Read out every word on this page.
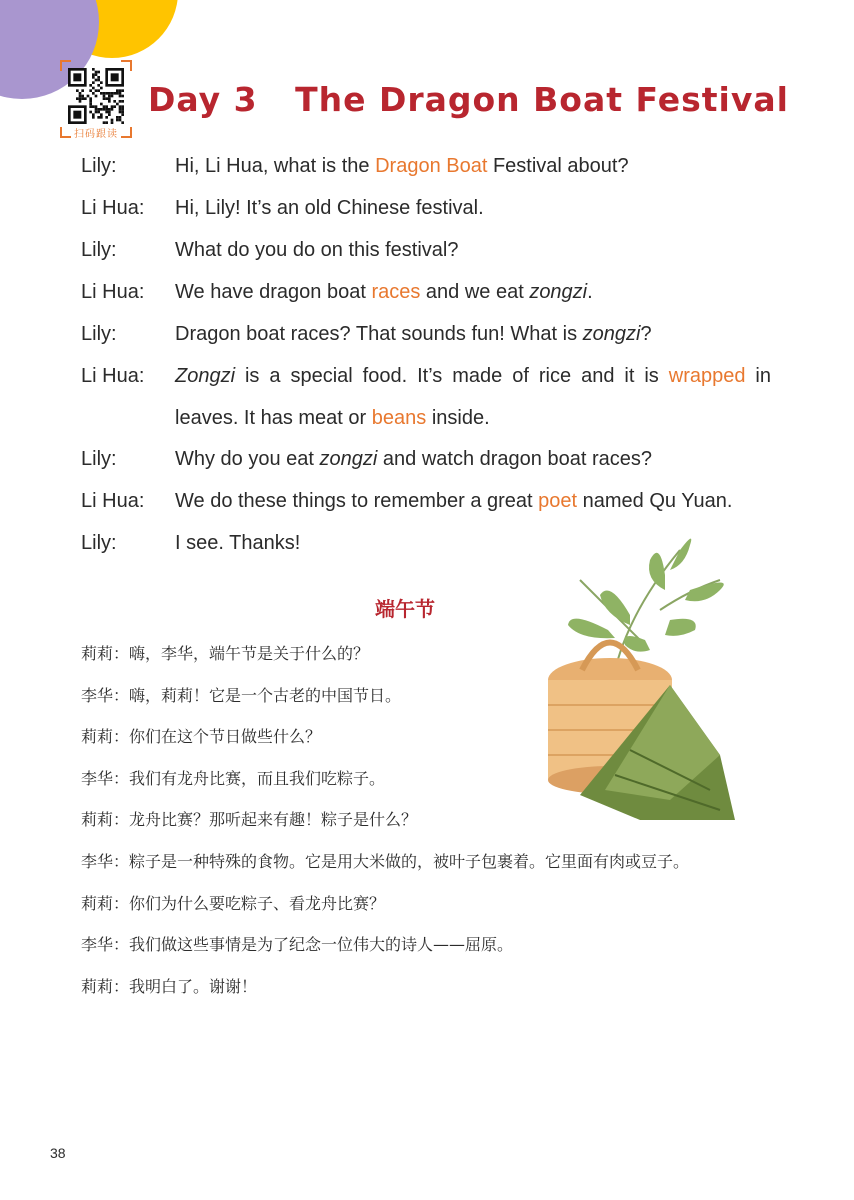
扫码跟读
Day 3   The Dragon Boat Festival
Lily:	Hi, Li Hua, what is the Dragon Boat Festival about?
Li Hua: Hi, Lily! It’s an old Chinese festival.
Lily:	What do you do on this festival?
Li Hua: We have dragon boat races and we eat zongzi.
Lily:	Dragon boat races? That sounds fun! What is zongzi?
Li Hua: Zongzi is a special food. It’s made of rice and it is wrapped in leaves. It has meat or beans inside.
Lily:	Why do you eat zongzi and watch dragon boat races?
Li Hua: We do these things to remember a great poet named Qu Yuan.
Lily:	I see. Thanks!
端午节
莉莉：嗨，李华，端午节是关于什么的？
李华：嗨，莉莉！它是一个古老的中国节日。
莉莉：你们在这个节日做些什么？
李华：我们有龙舟比赛，而且我们吃粽子。
莉莉：龙舟比赛？那听起来有趣！粽子是什么？
李华：粽子是一种特殊的食物。它是用大米做的，被叶子包裹着。它里面有肉或豆子。
莉莉：你们为什么要吃粽子、看龙舟比赛？
李华：我们做这些事情是为了纪念一位伟大的诗人——屈原。
莉莉：我明白了。谢谢！
38
